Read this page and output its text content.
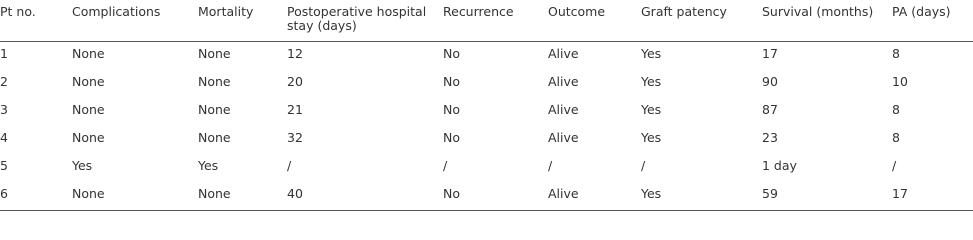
Pt no.	Complications	Mortality	Postoperative hospital stay (days)	Recurrence	Outcome	Graft patency	Survival (months)	PA (days)
1	None	None	12	No	Alive	Yes	17	8
2	None	None	20	No	Alive	Yes	90	10
3	None	None	21	No	Alive	Yes	87	8
4	None	None	32	No	Alive	Yes	23	8
5	Yes	Yes	/	/	/	/	1 day	/
6	None	None	40	No	Alive	Yes	59	17
